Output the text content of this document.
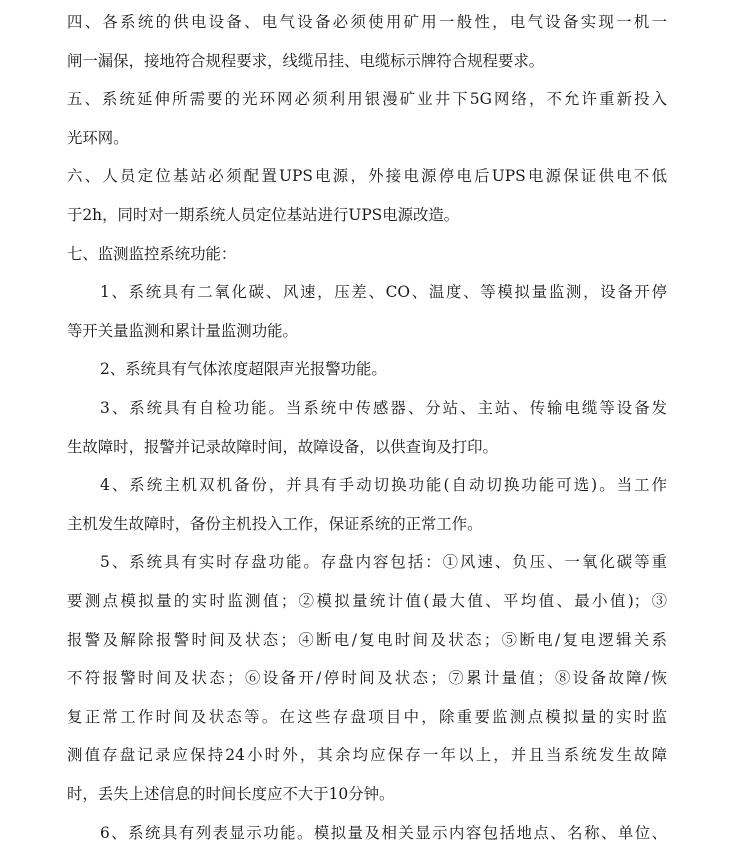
四、各系统的供电设备、电气设备必须使用矿用一般性，电气设备实现一机一
闸一漏保，接地符合规程要求，线缆吊挂、电缆标示牌符合规程要求。
五、系统延伸所需要的光环网必须利用银漫矿业井下5G网络，不允许重新投入
光环网。
六、人员定位基站必须配置UPS电源，外接电源停电后UPS电源保证供电不低
于2h，同时对一期系统人员定位基站进行UPS电源改造。
七、监测监控系统功能：
1、系统具有二氧化碳、风速，压差、CO、温度、等模拟量监测，设备开停
等开关量监测和累计量监测功能。
2、系统具有气体浓度超限声光报警功能。
3、系统具有自检功能。当系统中传感器、分站、主站、传输电缆等设备发
生故障时，报警并记录故障时间，故障设备，以供查询及打印。
4、系统主机双机备份，并具有手动切换功能(自动切换功能可选)。当工作
主机发生故障时，备份主机投入工作，保证系统的正常工作。
5、系统具有实时存盘功能。存盘内容包括：①风速、负压、一氧化碳等重
要测点模拟量的实时监测值；②模拟量统计值(最大值、平均值、最小值)；③
报警及解除报警时间及状态；④断电/复电时间及状态；⑤断电/复电逻辑关系
不符报警时间及状态；⑥设备开/停时间及状态；⑦累计量值；⑧设备故障/恢
复正常工作时间及状态等。在这些存盘项目中，除重要监测点模拟量的实时监
测值存盘记录应保持24小时外，其余均应保存一年以上，并且当系统发生故障
时，丢失上述信息的时间长度应不大于10分钟。
6、系统具有列表显示功能。模拟量及相关显示内容包括地点、名称、单位、
